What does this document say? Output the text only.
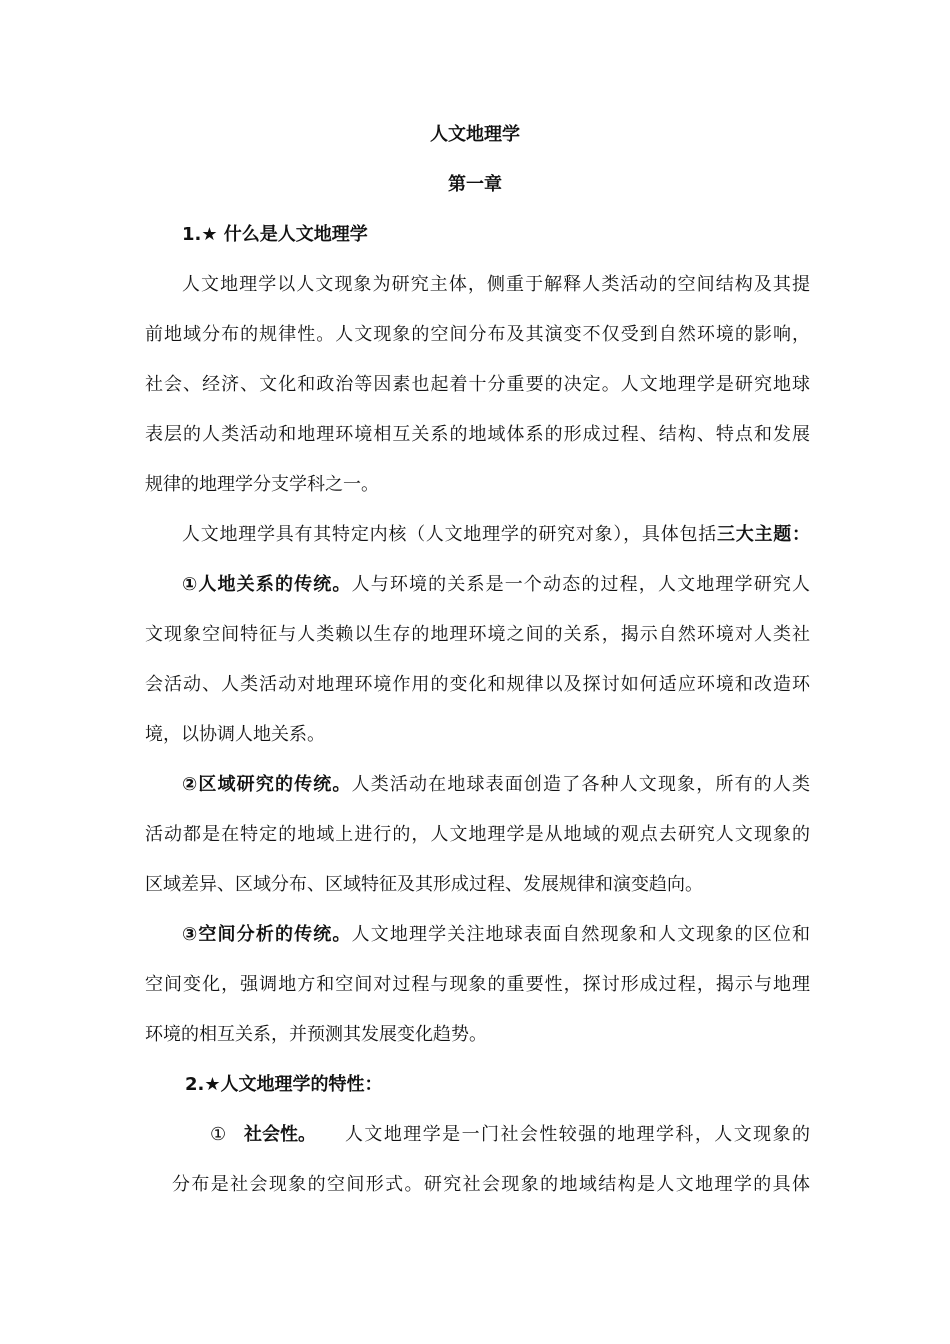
人文地理学
第一章
1.★ 什么是人文地理学
人文地理学以人文现象为研究主体，侧重于解释人类活动的空间结构及其提
前地域分布的规律性。人文现象的空间分布及其演变不仅受到自然环境的影响，
社会、经济、文化和政治等因素也起着十分重要的决定。人文地理学是研究地球
表层的人类活动和地理环境相互关系的地域体系的形成过程、结构、特点和发展
规律的地理学分支学科之一。
人文地理学具有其特定内核（人文地理学的研究对象），具体包括三大主题：
①人地关系的传统。人与环境的关系是一个动态的过程，人文地理学研究人
文现象空间特征与人类赖以生存的地理环境之间的关系，揭示自然环境对人类社
会活动、人类活动对地理环境作用的变化和规律以及探讨如何适应环境和改造环
境，以协调人地关系。
②区域研究的传统。人类活动在地球表面创造了各种人文现象，所有的人类
活动都是在特定的地域上进行的，人文地理学是从地域的观点去研究人文现象的
区域差异、区域分布、区域特征及其形成过程、发展规律和演变趋向。
③空间分析的传统。人文地理学关注地球表面自然现象和人文现象的区位和
空间变化，强调地方和空间对过程与现象的重要性，探讨形成过程，揭示与地理
环境的相互关系，并预测其发展变化趋势。
2.★人文地理学的特性：
① 社会性。 人文地理学是一门社会性较强的地理学科，人文现象的
分布是社会现象的空间形式。研究社会现象的地域结构是人文地理学的具体
